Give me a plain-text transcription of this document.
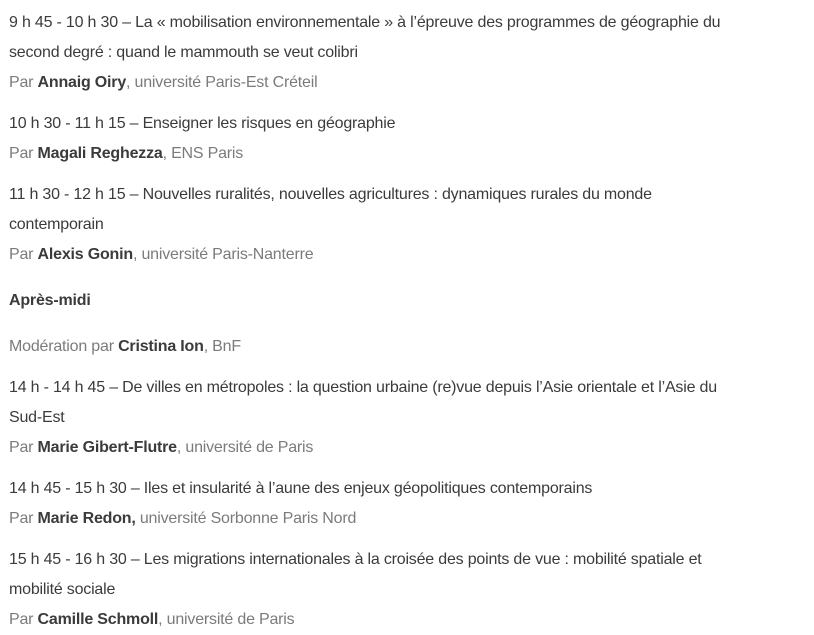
9 h 45 - 10 h 30 – La « mobilisation environnementale » à l’épreuve des programmes de géographie du
second degré : quand le mammouth se veut colibri
Par Annaig Oiry, université Paris-Est Créteil
10 h 30 - 11 h 15 – Enseigner les risques en géographie
Par Magali Reghezza, ENS Paris
11 h 30 - 12 h 15 – Nouvelles ruralités, nouvelles agricultures : dynamiques rurales du monde
contemporain
Par Alexis Gonin, université Paris-Nanterre
Après-midi
Modération par Cristina Ion, BnF
14 h - 14 h 45 – De villes en métropoles : la question urbaine (re)vue depuis l’Asie orientale et l’Asie du
Sud-Est
Par Marie Gibert-Flutre, université de Paris
14 h 45 - 15 h 30 – Iles et insularité à l’aune des enjeux géopolitiques contemporains
Par Marie Redon, université Sorbonne Paris Nord
15 h 45 - 16 h 30 – Les migrations internationales à la croisée des points de vue : mobilité spatiale et
mobilité sociale
Par Camille Schmoll, université de Paris
